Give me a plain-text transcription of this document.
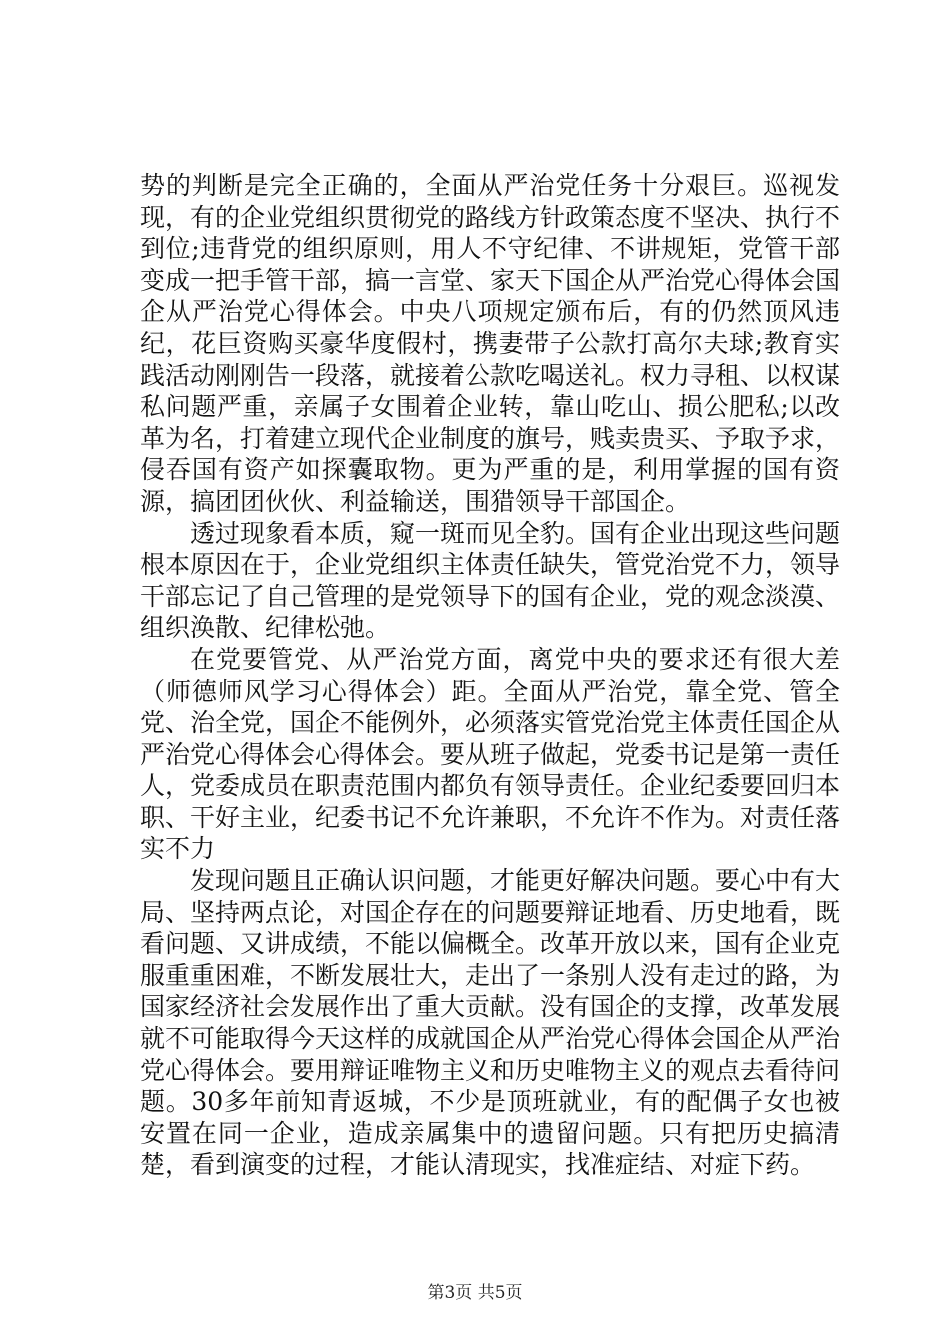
势的判断是完全正确的，全面从严治党任务十分艰巨。巡视发现，有的企业党组织贯彻党的路线方针政策态度不坚决、执行不到位;违背党的组织原则，用人不守纪律、不讲规矩，党管干部变成一把手管干部，搞一言堂、家天下国企从严治党心得体会国企从严治党心得体会。中央八项规定颁布后，有的仍然顶风违纪，花巨资购买豪华度假村，携妻带子公款打高尔夫球;教育实践活动刚刚告一段落，就接着公款吃喝送礼。权力寻租、以权谋私问题严重，亲属子女围着企业转，靠山吃山、损公肥私;以改革为名，打着建立现代企业制度的旗号，贱卖贵买、予取予求，侵吞国有资产如探囊取物。更为严重的是，利用掌握的国有资源，搞团团伙伙、利益输送，围猎领导干部国企。

透过现象看本质，窥一斑而见全豹。国有企业出现这些问题根本原因在于，企业党组织主体责任缺失，管党治党不力，领导干部忘记了自己管理的是党领导下的国有企业，党的观念淡漠、组织涣散、纪律松弛。

在党要管党、从严治党方面，离党中央的要求还有很大差（师德师风学习心得体会）距。全面从严治党，靠全党、管全党、治全党，国企不能例外，必须落实管党治党主体责任国企从严治党心得体会心得体会。要从班子做起，党委书记是第一责任人，党委成员在职责范围内都负有领导责任。企业纪委要回归本职、干好主业，纪委书记不允许兼职，不允许不作为。对责任落实不力

发现问题且正确认识问题，才能更好解决问题。要心中有大局、坚持两点论，对国企存在的问题要辩证地看、历史地看，既看问题、又讲成绩，不能以偏概全。改革开放以来，国有企业克服重重困难，不断发展壮大，走出了一条别人没有走过的路，为国家经济社会发展作出了重大贡献。没有国企的支撑，改革发展就不可能取得今天这样的成就国企从严治党心得体会国企从严治党心得体会。要用辩证唯物主义和历史唯物主义的观点去看待问题。30多年前知青返城，不少是顶班就业，有的配偶子女也被安置在同一企业，造成亲属集中的遗留问题。只有把历史搞清楚，看到演变的过程，才能认清现实，找准症结、对症下药。

第3页 共5页
